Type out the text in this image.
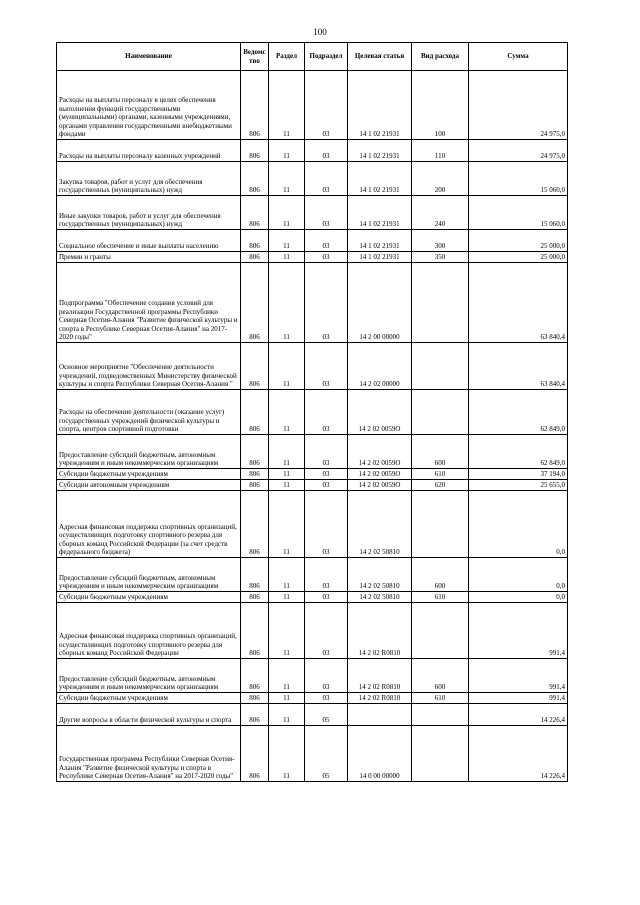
100
Наименование	Ведомс тво	Раздел	Подраздел	Целевая статья	Вид расхода	Сумма
Расходы на выплаты персоналу в целях обеспечения выполнения функций государственными (муниципальными) органами, казенными учреждениями, органами управления государственными внебюджетными фондами	806	11	03	14 1 02 21931	100	24 975,0
Расходы на выплаты персоналу казенных учреждений	806	11	03	14 1 02 21931	110	24 975,0
Закупка товаров, работ и услуг для обеспечения государственных (муниципальных) нужд	806	11	03	14 1 02 21931	200	15 060,0
Иные закупки товаров, работ и услуг для обеспечения государственных (муниципальных) нужд	806	11	03	14 1 02 21931	240	15 060,0
Социальное обеспечение и иные выплаты населению	806	11	03	14 1 02 21931	300	25 000,0
Премии и гранты	806	11	03	14 1 02 21931	350	25 000,0
Подпрограмма "Обеспечение создания условий для реализации Государственной программы Республики Северная Осетия-Алания "Развитие физической культуры и спорта в Республике Северная Осетия-Алания" на 2017-2020 годы"	806	11	03	14 2 00 00000		63 840,4
Основное мероприятие "Обеспечение деятельности учреждений, подведомственных Министерству физической культуры и спорта Республики Северная Осетия-Алания "	806	11	03	14 2 02 00000		63 840,4
Расходы на обеспечение деятельности (оказание услуг) государственных учреждений физической культуры и спорта, центров спортивной подготовки	806	11	03	14 2 02 0059О		62 849,0
Предоставление субсидий бюджетным, автономным учреждениям и иным некоммерческим организациям	806	11	03	14 2 02 0059О	600	62 849,0
Субсидии бюджетным учреждениям	806	11	03	14 2 02 0059О	610	37 194,0
Субсидии автономным учреждениям	806	11	03	14 2 02 0059О	620	25 655,0
Адресная финансовая поддержка спортивных организаций, осуществляющих подготовку спортивного резерва для сборных команд Российской Федерации (за счет средств федерального бюджета)	806	11	03	14 2 02 50810		0,0
Предоставление субсидий бюджетным, автономным учреждениям и иным некоммерческим организациям	806	11	03	14 2 02 50810	600	0,0
Субсидии бюджетным учреждениям	806	11	03	14 2 02 50810	610	0,0
Адресная финансовая поддержка спортивных организаций, осуществляющих подготовку спортивного резерва для сборных команд Российской Федерации	806	11	03	14 2 02 R0810		991,4
Предоставление субсидий бюджетным, автономным учреждениям и иным некоммерческим организациям	806	11	03	14 2 02 R0810	600	991,4
Субсидии бюджетным учреждениям	806	11	03	14 2 02 R0810	610	991,4
Другие вопросы в области физической культуры и спорта	806	11	05			14 226,4
Государственная программа Республики Северная Осетия-Алания "Развитие физической культуры и спорта в Республике Северная Осетия-Алания" на 2017-2020 годы"	806	11	05	14 0 00 00000		14 226,4
